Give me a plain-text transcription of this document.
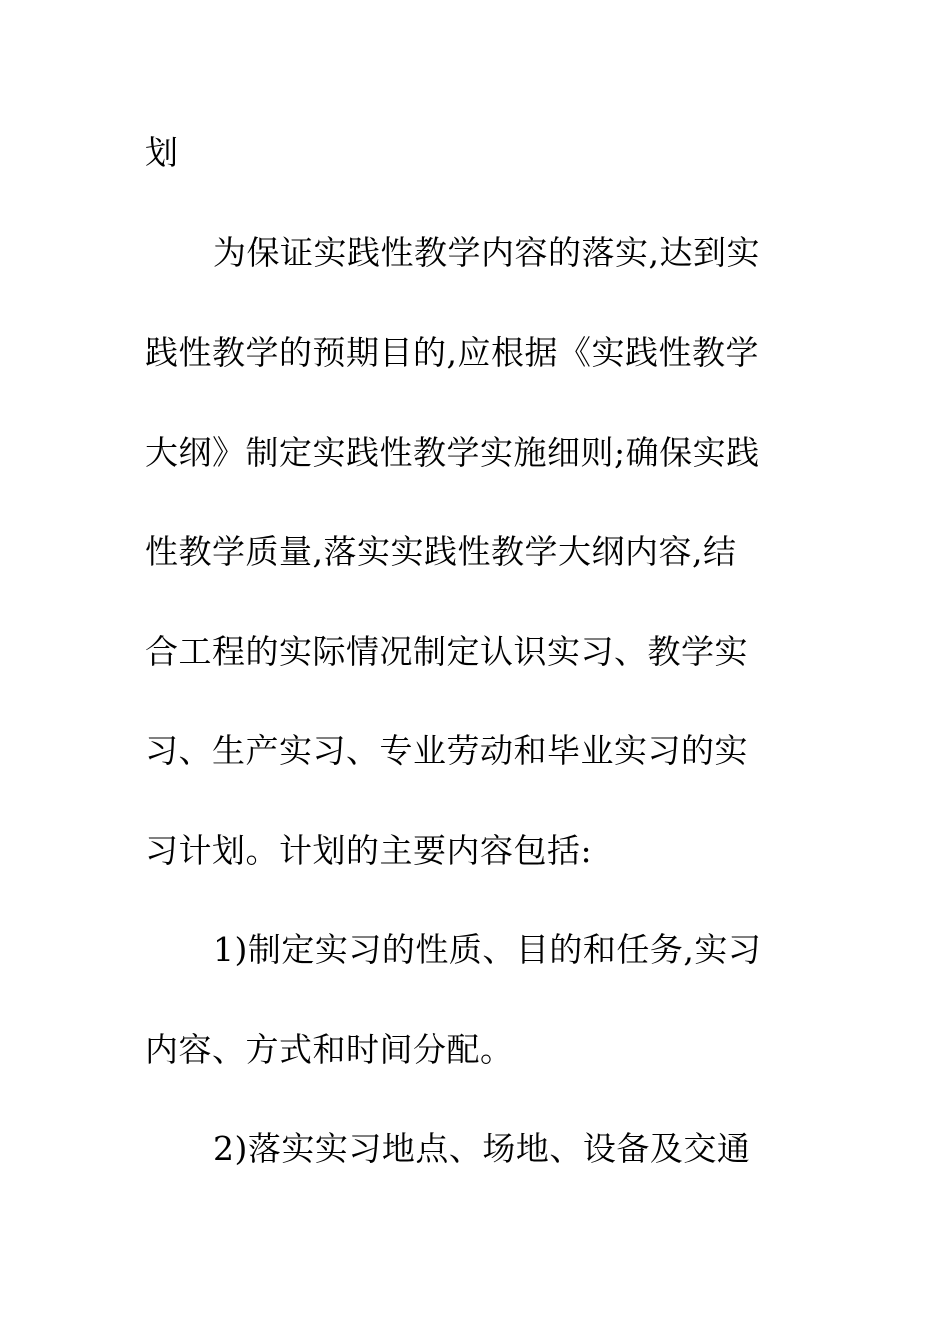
划
为保证实践性教学内容的落实,达到实
践性教学的预期目的,应根据《实践性教学
大纲》制定实践性教学实施细则;确保实践
性教学质量,落实实践性教学大纲内容,结
合工程的实际情况制定认识实习、教学实
习、生产实习、专业劳动和毕业实习的实
习计划。计划的主要内容包括:
1)制定实习的性质、目的和任务,实习
内容、方式和时间分配。
2)落实实习地点、场地、设备及交通
